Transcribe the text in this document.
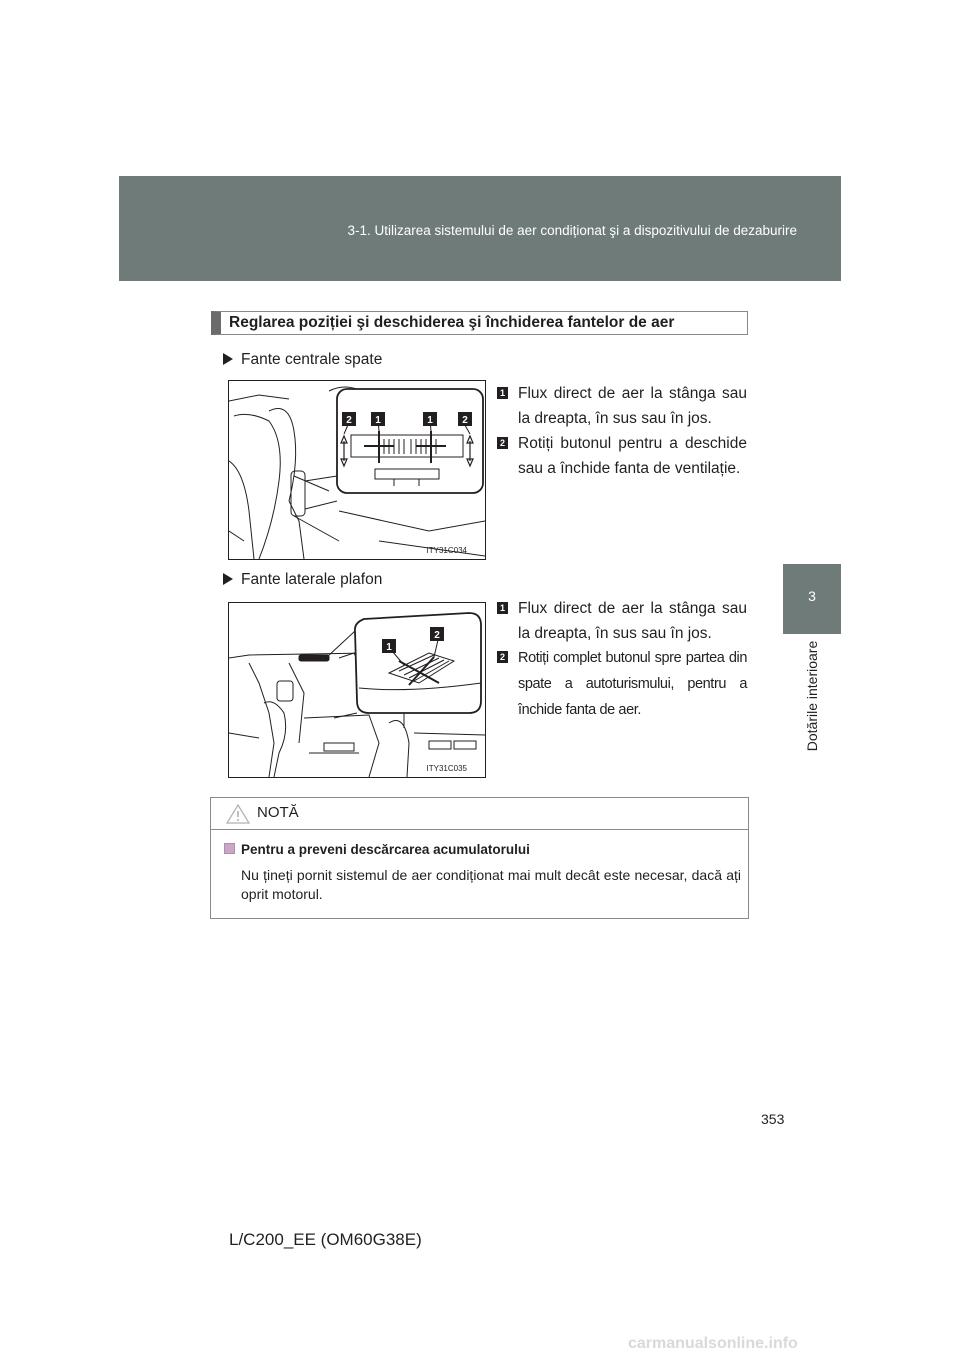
3-1. Utilizarea sistemului de aer condiționat şi a dispozitivului de dezaburire
3
Dotările interioare
Reglarea poziției şi deschiderea şi închiderea fantelor de aer
Fante centrale spate
2 1	1	2
ITY31C034
1 Flux direct de aer la stânga sau la dreapta, în sus sau în jos.
2 Rotiți butonul pentru a deschide sau a închide fanta de ventilație.
Fante laterale plafon
1
2
ITY31C035
1 Flux direct de aer la stânga sau la dreapta, în sus sau în jos.
2 Rotiți complet butonul spre partea din spate a autoturismului, pentru a închide fanta de aer.
NOTĂ
Pentru a preveni descărcarea acumulatorului
Nu țineți pornit sistemul de aer condiționat mai mult decât este necesar, dacă ați oprit motorul.
353
L/C200_EE (OM60G38E)
carmanualsonline.info
